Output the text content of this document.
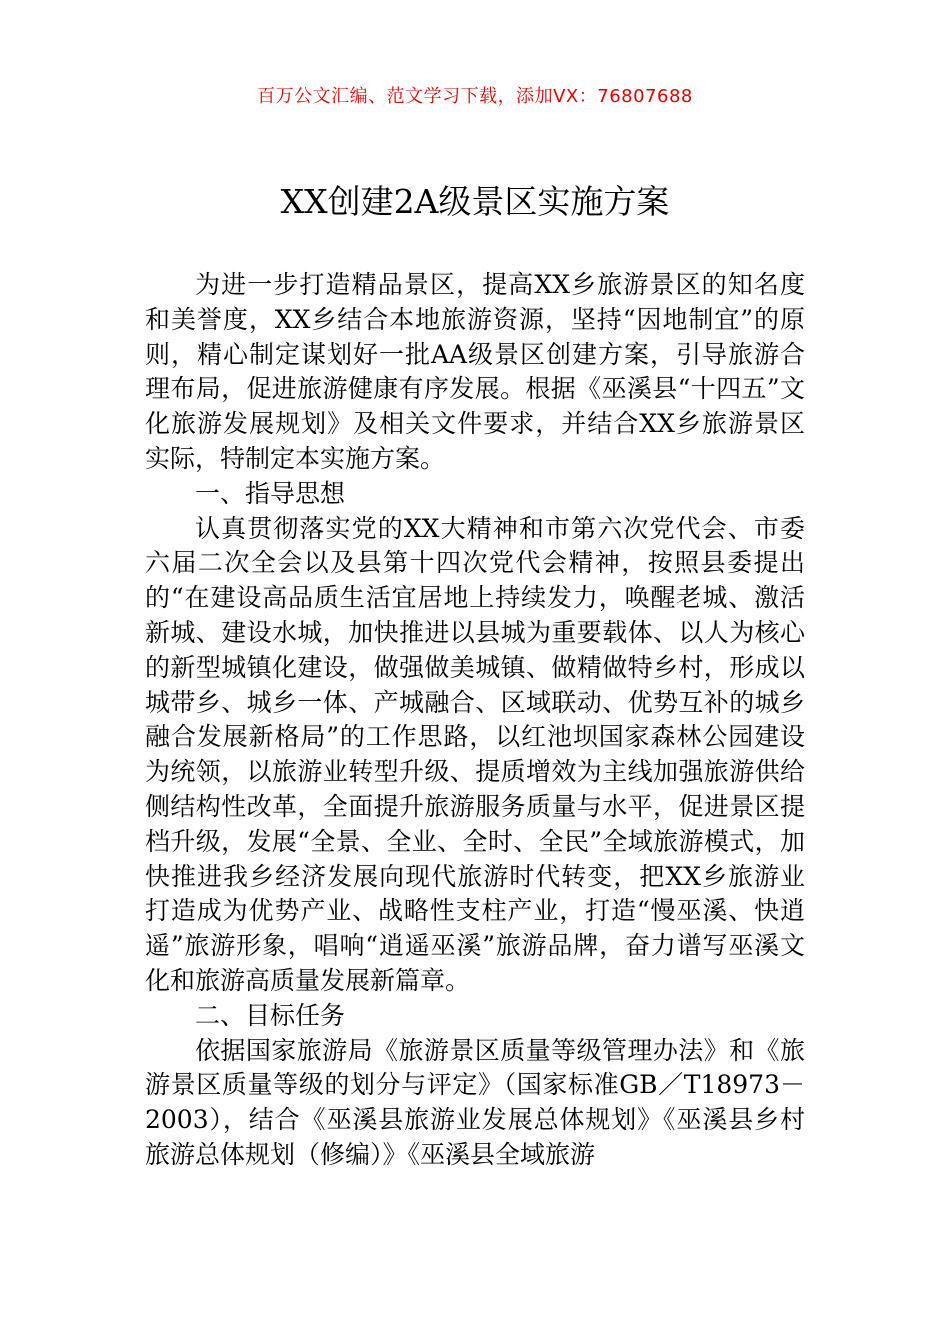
百万公文汇编、范文学习下载，添加VX：76807688
XX创建2A级景区实施方案

为进一步打造精品景区，提高XX乡旅游景区的知名度和美誉度，XX乡结合本地旅游资源，坚持“因地制宜”的原则，精心制定谋划好一批AA级景区创建方案，引导旅游合理布局，促进旅游健康有序发展。根据《巫溪县“十四五”文化旅游发展规划》及相关文件要求，并结合XX乡旅游景区实际，特制定本实施方案。

一、指导思想

认真贯彻落实党的XX大精神和市第六次党代会、市委六届二次全会以及县第十四次党代会精神，按照县委提出的“在建设高品质生活宜居地上持续发力，唤醒老城、激活新城、建设水城，加快推进以县城为重要载体、以人为核心的新型城镇化建设，做强做美城镇、做精做特乡村，形成以城带乡、城乡一体、产城融合、区域联动、优势互补的城乡融合发展新格局”的工作思路，以红池坝国家森林公园建设为统领，以旅游业转型升级、提质增效为主线加强旅游供给侧结构性改革，全面提升旅游服务质量与水平，促进景区提档升级，发展“全景、全业、全时、全民”全域旅游模式，加快推进我乡经济发展向现代旅游时代转变，把XX乡旅游业打造成为优势产业、战略性支柱产业，打造“慢巫溪、快逍遥”旅游形象，唱响“逍遥巫溪”旅游品牌，奋力谱写巫溪文化和旅游高质量发展新篇章。

二、目标任务

依据国家旅游局《旅游景区质量等级管理办法》和《旅游景区质量等级的划分与评定》（国家标准GB／T18973－2003），结合《巫溪县旅游业发展总体规划》《巫溪县乡村旅游总体规划（修编）》《巫溪县全域旅游
